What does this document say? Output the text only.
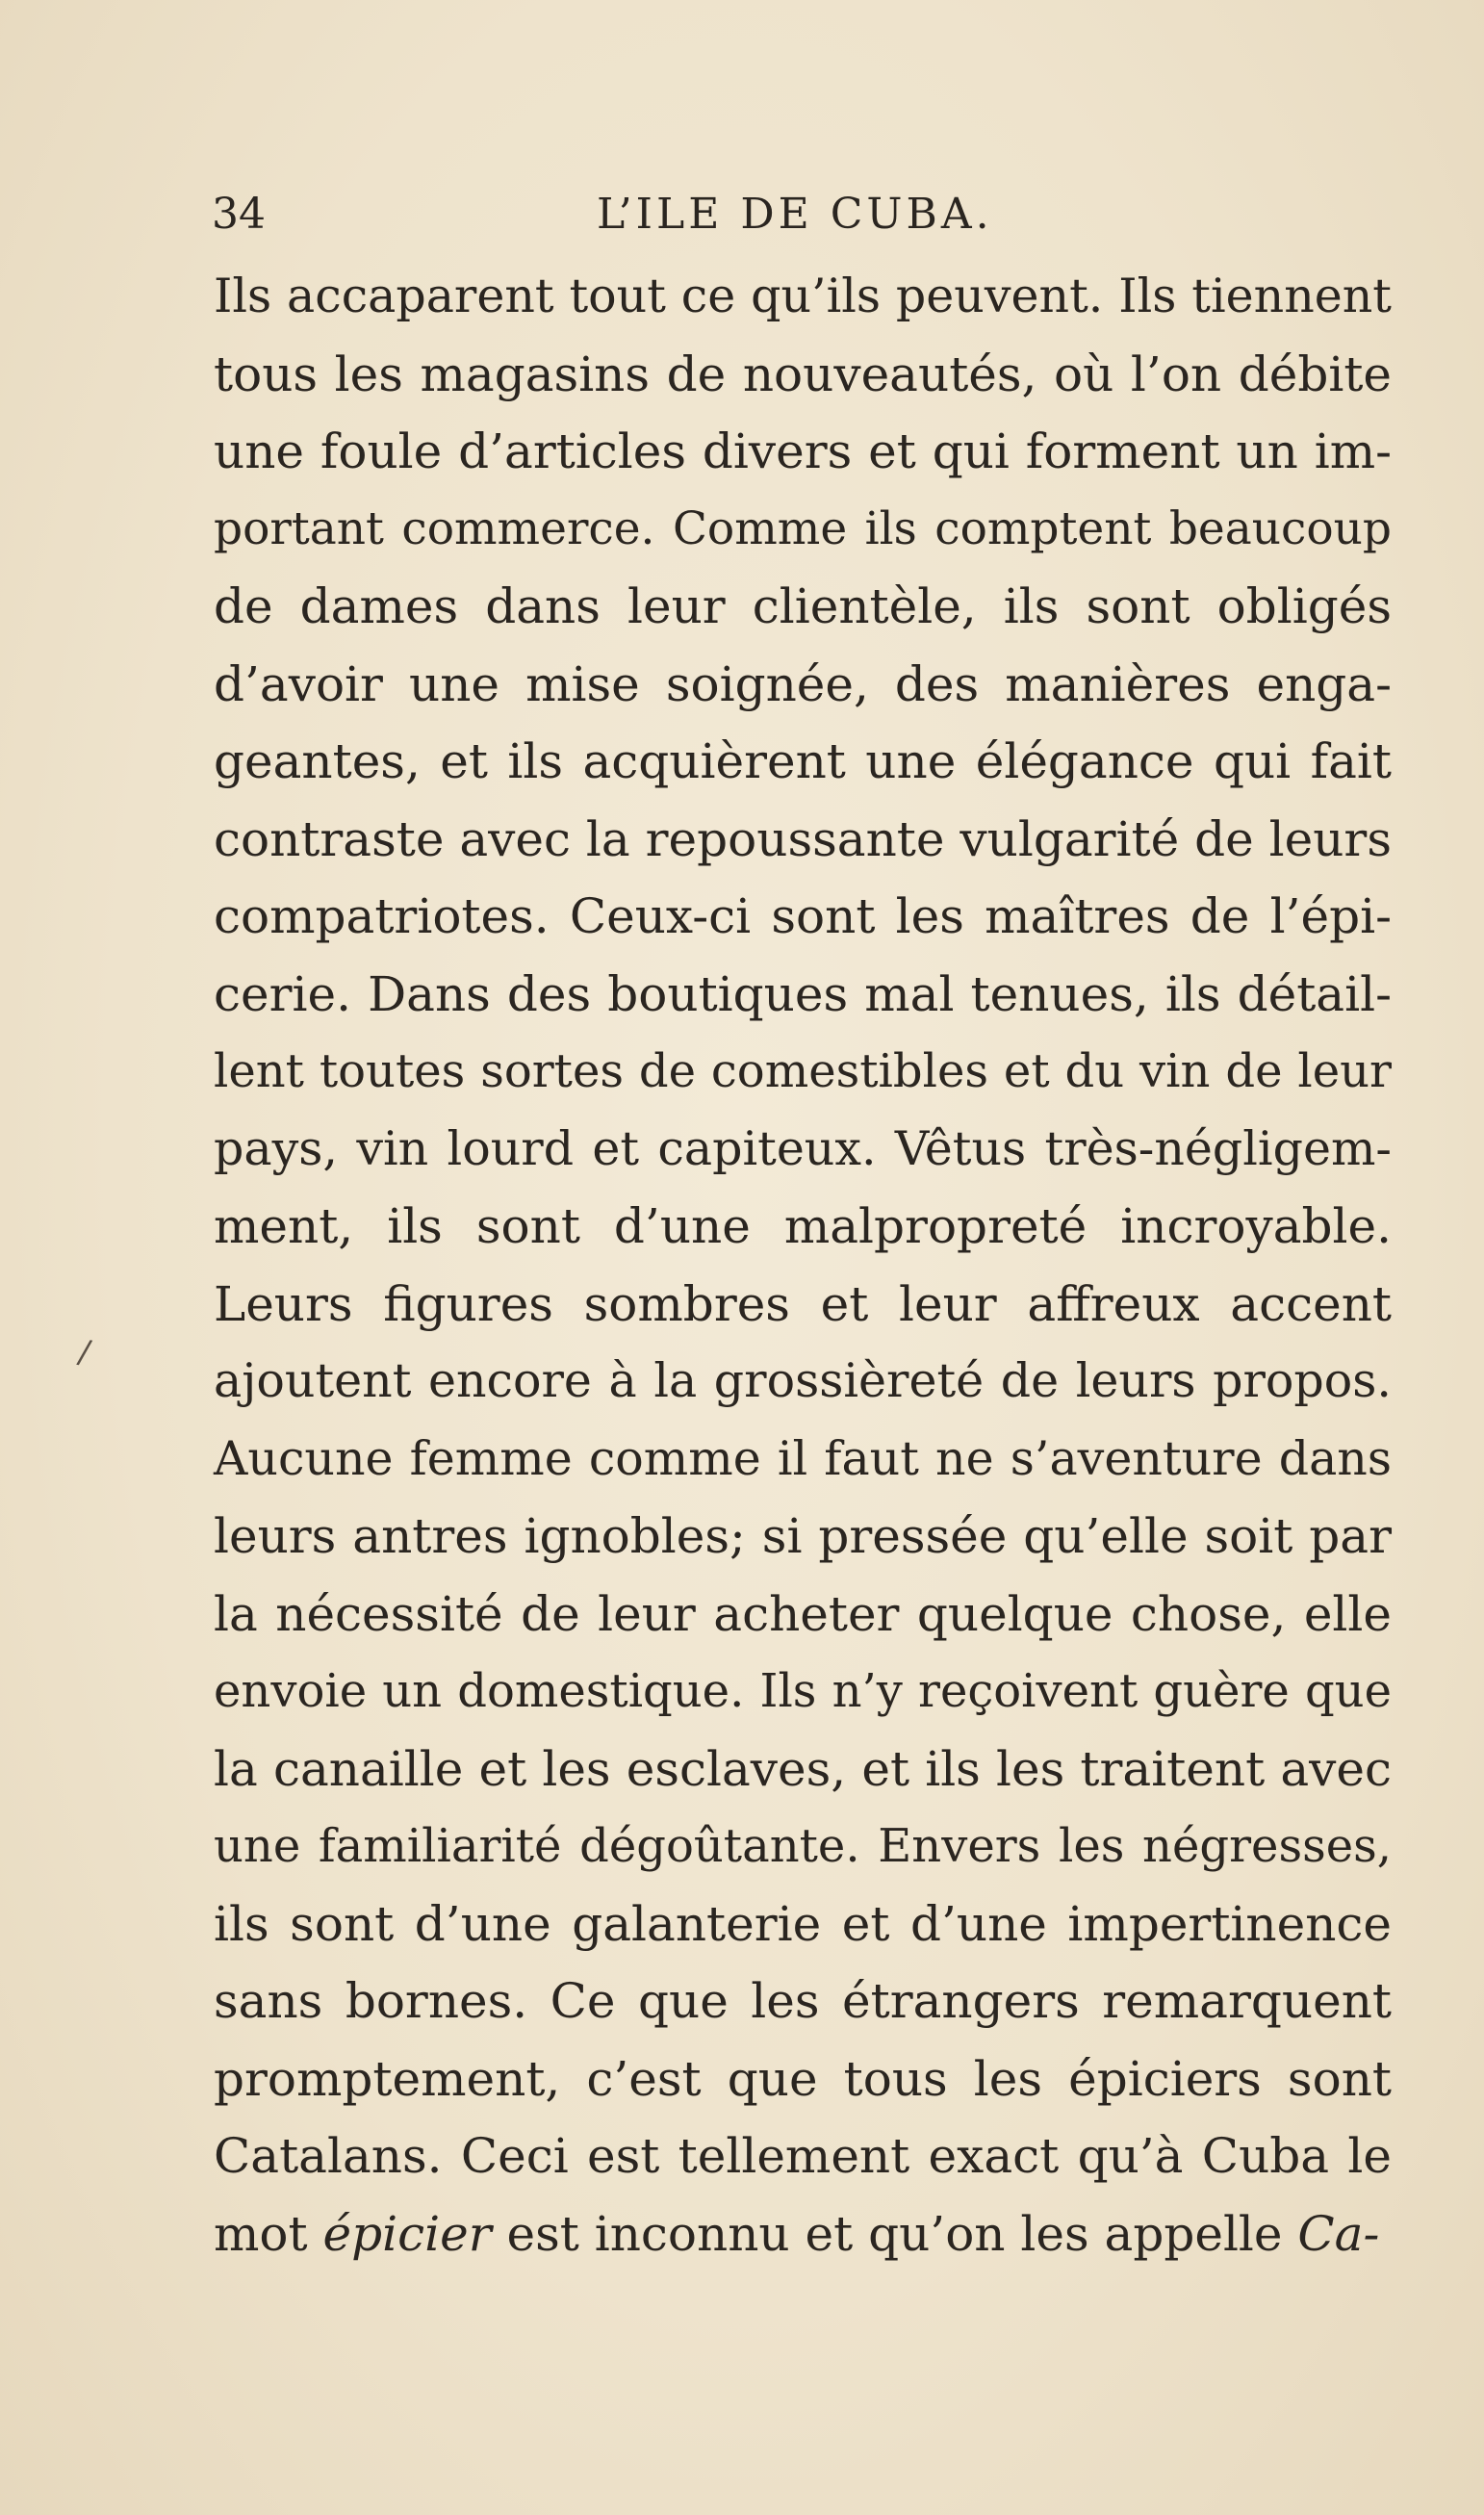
34	L’ILE DE CUBA.
/
Ils accaparent tout ce qu’ils peuvent. Ils tiennent
tous les magasins de nouveautés, où l’on débite
une foule d’articles divers et qui forment un im-
portant commerce. Comme ils comptent beaucoup
de dames dans leur clientèle, ils sont obligés
d’avoir une mise soignée, des manières enga-
geantes, et ils acquièrent une élégance qui fait
contraste avec la repoussante vulgarité de leurs
compatriotes. Ceux-ci sont les maîtres de l’épi-
cerie. Dans des boutiques mal tenues, ils détail-
lent toutes sortes de comestibles et du vin de leur
pays, vin lourd et capiteux. Vêtus très-négligem-
ment, ils sont d’une malpropreté incroyable.
Leurs figures sombres et leur affreux accent
ajoutent encore à la grossièreté de leurs propos.
Aucune femme comme il faut ne s’aventure dans
leurs antres ignobles; si pressée qu’elle soit par
la nécessité de leur acheter quelque chose, elle
envoie un domestique. Ils n’y reçoivent guère que
la canaille et les esclaves, et ils les traitent avec
une familiarité dégoûtante. Envers les négresses,
ils sont d’une galanterie et d’une impertinence
sans bornes. Ce que les étrangers remarquent
promptement, c’est que tous les épiciers sont
Catalans. Ceci est tellement exact qu’à Cuba le
mot épicier est inconnu et qu’on les appelle Ca-
